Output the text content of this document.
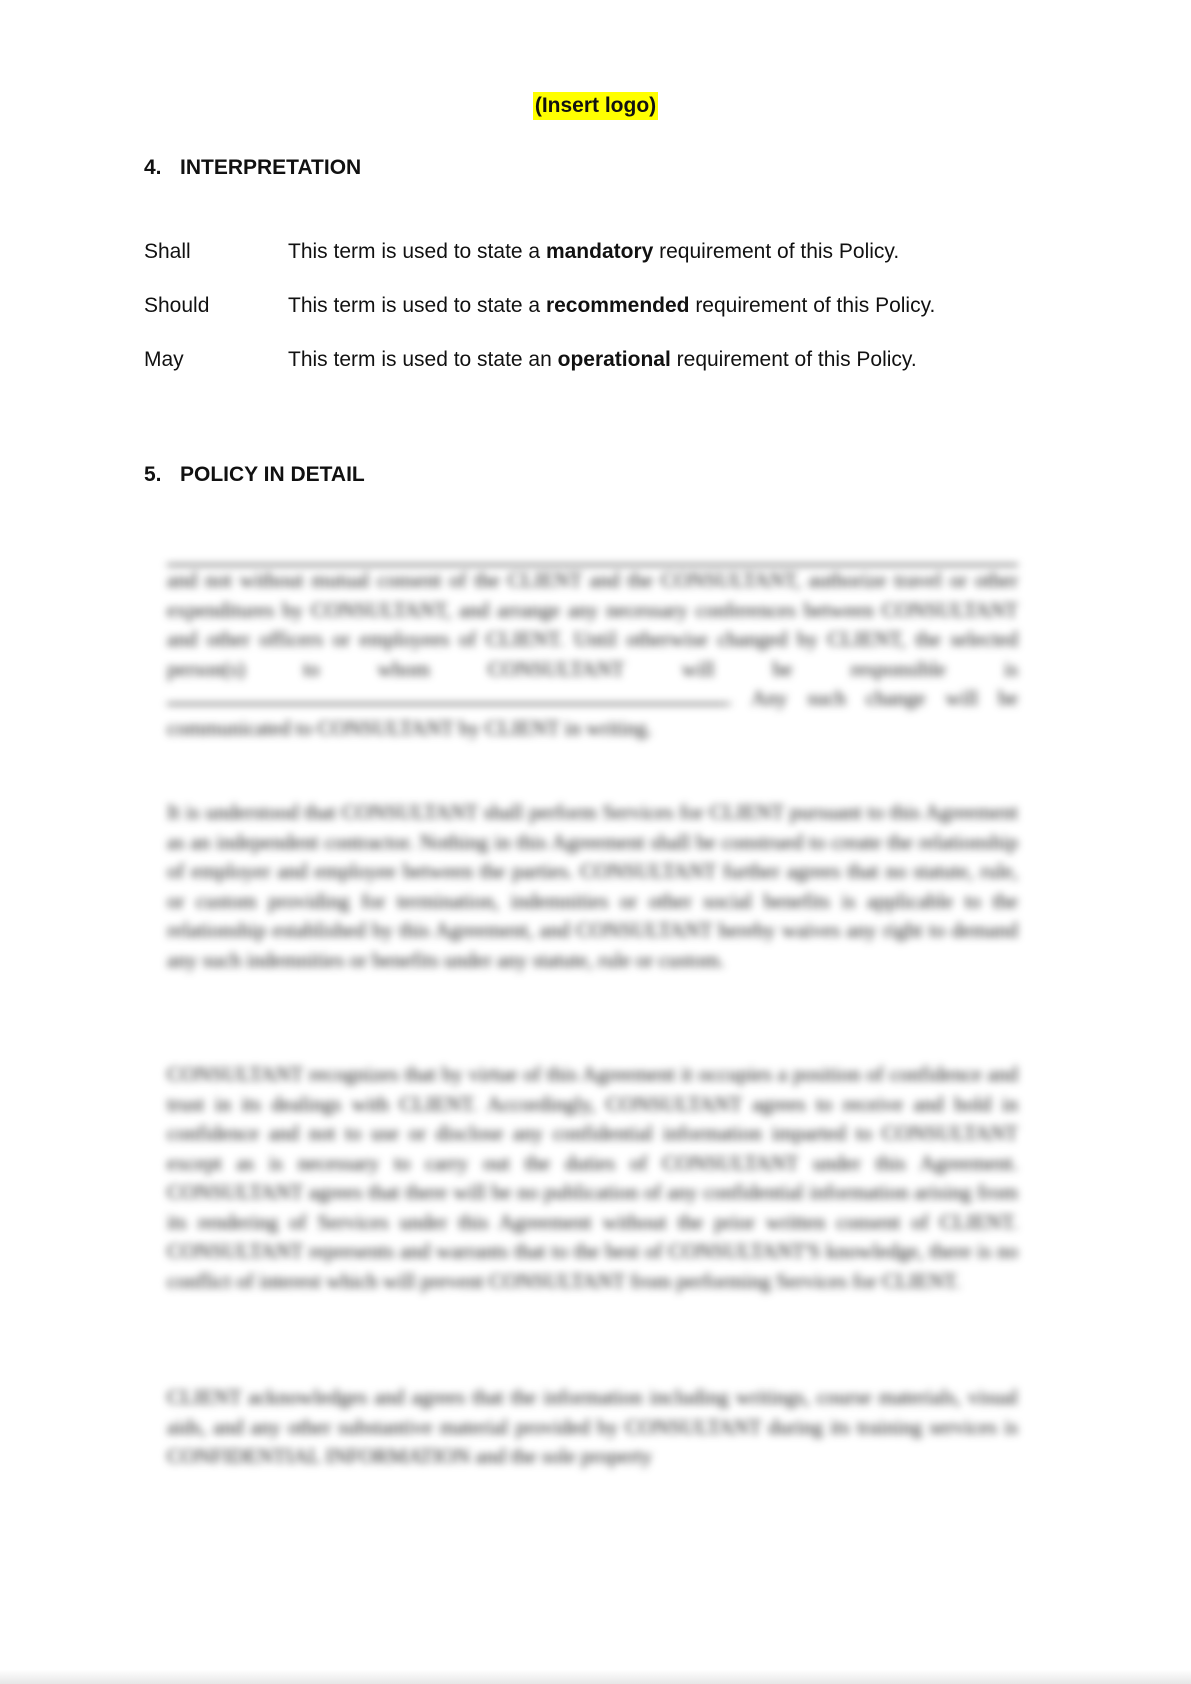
(Insert logo)
4. INTERPRETATION
Shall	This term is used to state a mandatory requirement of this Policy.
Should	This term is used to state a recommended requirement of this Policy.
May	This term is used to state an operational requirement of this Policy.
5. POLICY IN DETAIL
and not without mutual consent of the CLIENT and the CONSULTANT, authorize travel or other expenditures by CONSULTANT, and arrange any necessary conferences between CONSULTANT and other officers or employees of CLIENT. Until otherwise changed by CLIENT, the selected person(s) to whom CONSULTANT will be responsible is . Any such change will be communicated to CONSULTANT by CLIENT in writing.
It is understood that CONSULTANT shall perform Services for CLIENT pursuant to this Agreement as an independent contractor. Nothing in this Agreement shall be construed to create the relationship of employer and employee between the parties. CONSULTANT further agrees that no statute, rule, or custom providing for termination, indemnities or other social benefits is applicable to the relationship established by this Agreement, and CONSULTANT hereby waives any right to demand any such indemnities or benefits under any statute, rule or custom.
CONSULTANT recognizes that by virtue of this Agreement it occupies a position of confidence and trust in its dealings with CLIENT. Accordingly, CONSULTANT agrees to receive and hold in confidence and not to use or disclose any confidential information imparted to CONSULTANT except as is necessary to carry out the duties of CONSULTANT under this Agreement. CONSULTANT agrees that there will be no publication of any confidential information arising from its rendering of Services under this Agreement without the prior written consent of CLIENT. CONSULTANT represents and warrants that to the best of CONSULTANT'S knowledge, there is no conflict of interest which will prevent CONSULTANT from performing Services for CLIENT.
CLIENT acknowledges and agrees that the information including writings, course materials, visual aids, and any other substantive material provided by CONSULTANT during its training services is CONFIDENTIAL INFORMATION and the sole property
